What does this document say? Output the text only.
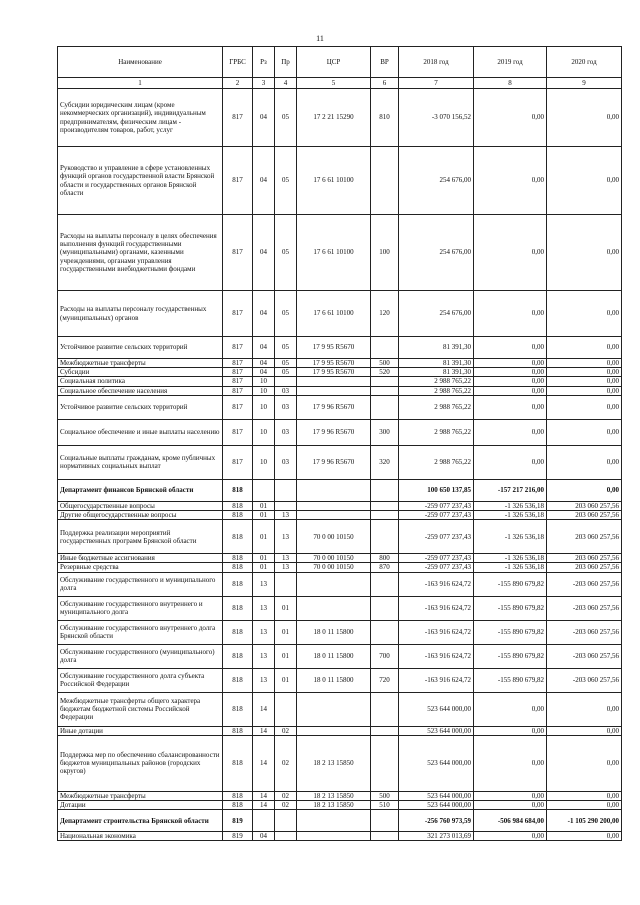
11
Наименование	ГРБС	Рз	Пр	ЦСР	ВР	2018 год	2019 год	2020 год
1	2	3	4	5	6	7	8	9
Субсидии юридическим лицам (кроме некоммерческих организаций), индивидуальным предпринимателям, физическим лицам - производителям товаров, работ, услуг	817	04	05	17 2 21 15290	810	-3 070 156,52	0,00	0,00
Руководство и управление в сфере установленных функций органов государственной власти Брянской области и государственных органов Брянской области	817	04	05	17 6 61 10100		254 676,00	0,00	0,00
Расходы на выплаты персоналу в целях обеспечения выполнения функций государственными (муниципальными) органами, казенными учреждениями, органами управления государственными внебюджетными фондами	817	04	05	17 6 61 10100	100	254 676,00	0,00	0,00
Расходы на выплаты персоналу государственных (муниципальных) органов	817	04	05	17 6 61 10100	120	254 676,00	0,00	0,00
Устойчивое развитие сельских территорий	817	04	05	17 9 95 R5670		81 391,30	0,00	0,00
Межбюджетные трансферты	817	04	05	17 9 95 R5670	500	81 391,30	0,00	0,00
Субсидии	817	04	05	17 9 95 R5670	520	81 391,30	0,00	0,00
Социальная политика	817	10				2 988 765,22	0,00	0,00
Социальное обеспечение населения	817	10	03			2 988 765,22	0,00	0,00
Устойчивое развитие сельских территорий	817	10	03	17 9 96 R5670		2 988 765,22	0,00	0,00
Социальное обеспечение и иные выплаты населению	817	10	03	17 9 96 R5670	300	2 988 765,22	0,00	0,00
Социальные выплаты гражданам, кроме публичных нормативных социальных выплат	817	10	03	17 9 96 R5670	320	2 988 765,22	0,00	0,00
Департамент финансов Брянской области	818					100 650 137,85	-157 217 216,00	0,00
Общегосударственные вопросы	818	01				-259 077 237,43	-1 326 536,18	203 060 257,56
Другие общегосударственные вопросы	818	01	13			-259 077 237,43	-1 326 536,18	203 060 257,56
Поддержка реализации мероприятий государственных программ Брянской области	818	01	13	70 0 00 10150		-259 077 237,43	-1 326 536,18	203 060 257,56
Иные бюджетные ассигнования	818	01	13	70 0 00 10150	800	-259 077 237,43	-1 326 536,18	203 060 257,56
Резервные средства	818	01	13	70 0 00 10150	870	-259 077 237,43	-1 326 536,18	203 060 257,56
Обслуживание государственного и муниципального долга	818	13				-163 916 624,72	-155 890 679,82	-203 060 257,56
Обслуживание государственного внутреннего и муниципального долга	818	13	01			-163 916 624,72	-155 890 679,82	-203 060 257,56
Обслуживание государственного внутреннего долга Брянской области	818	13	01	18 0 11 15800		-163 916 624,72	-155 890 679,82	-203 060 257,56
Обслуживание государственного (муниципального) долга	818	13	01	18 0 11 15800	700	-163 916 624,72	-155 890 679,82	-203 060 257,56
Обслуживание государственного долга субъекта Российской Федерации	818	13	01	18 0 11 15800	720	-163 916 624,72	-155 890 679,82	-203 060 257,56
Межбюджетные трансферты общего характера бюджетам бюджетной системы Российской Федерации	818	14				523 644 000,00	0,00	0,00
Иные дотации	818	14	02			523 644 000,00	0,00	0,00
Поддержка мер по обеспечению сбалансированности бюджетов муниципальных районов (городских округов)	818	14	02	18 2 13 15850		523 644 000,00	0,00	0,00
Межбюджетные трансферты	818	14	02	18 2 13 15850	500	523 644 000,00	0,00	0,00
Дотации	818	14	02	18 2 13 15850	510	523 644 000,00	0,00	0,00
Департамент строительства Брянской области	819					-256 760 973,59	-506 984 684,00	-1 105 290 200,00
Национальная экономика	819	04				321 273 013,69	0,00	0,00
